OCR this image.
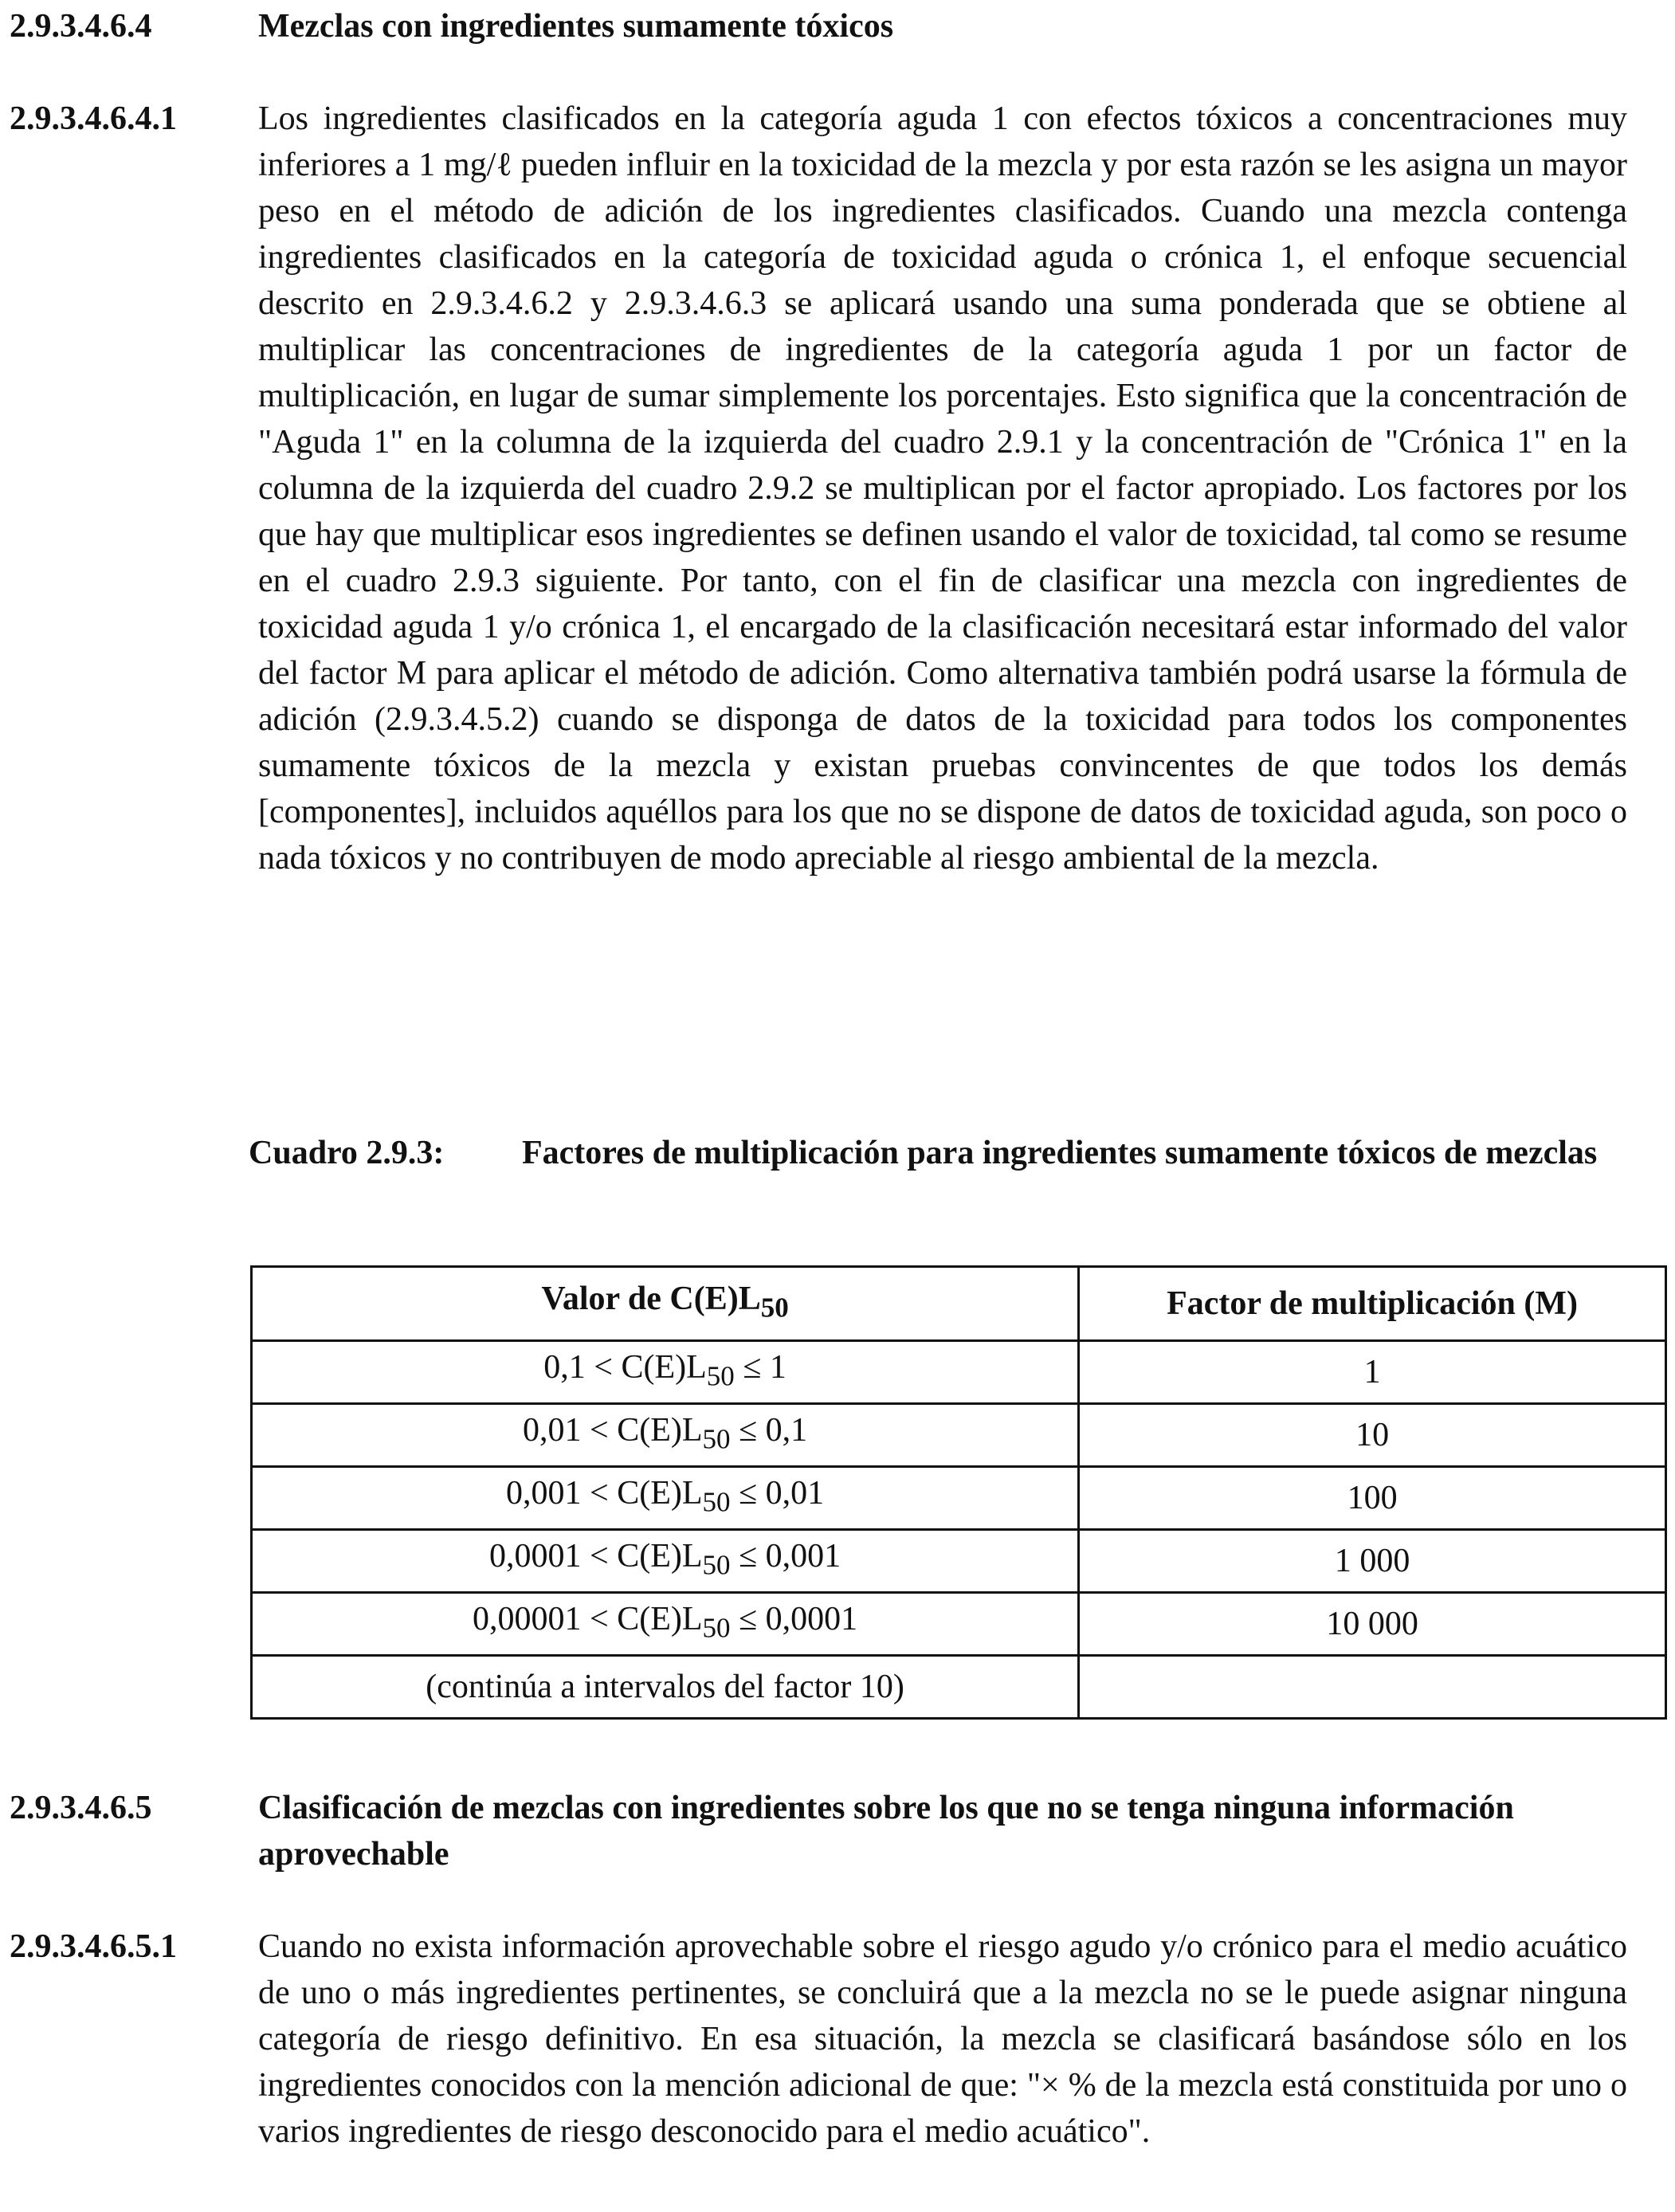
2.9.3.4.6.4	Mezclas con ingredientes sumamente tóxicos
2.9.3.4.6.4.1 Los ingredientes clasificados en la categoría aguda 1 con efectos tóxicos a concentraciones muy inferiores a 1 mg/ℓ pueden influir en la toxicidad de la mezcla y por esta razón se les asigna un mayor peso en el método de adición de los ingredientes clasificados. Cuando una mezcla contenga ingredientes clasificados en la categoría de toxicidad aguda o crónica 1, el enfoque secuencial descrito en 2.9.3.4.6.2 y 2.9.3.4.6.3 se aplicará usando una suma ponderada que se obtiene al multiplicar las concentraciones de ingredientes de la categoría aguda 1 por un factor de multiplicación, en lugar de sumar simplemente los porcentajes. Esto significa que la concentración de "Aguda 1" en la columna de la izquierda del cuadro 2.9.1 y la concentración de "Crónica 1" en la columna de la izquierda del cuadro 2.9.2 se multiplican por el factor apropiado. Los factores por los que hay que multiplicar esos ingredientes se definen usando el valor de toxicidad, tal como se resume en el cuadro 2.9.3 siguiente. Por tanto, con el fin de clasificar una mezcla con ingredientes de toxicidad aguda 1 y/o crónica 1, el encargado de la clasificación necesitará estar informado del valor del factor M para aplicar el método de adición. Como alternativa también podrá usarse la fórmula de adición (2.9.3.4.5.2) cuando se disponga de datos de la toxicidad para todos los componentes sumamente tóxicos de la mezcla y existan pruebas convincentes de que todos los demás [componentes], incluidos aquéllos para los que no se dispone de datos de toxicidad aguda, son poco o nada tóxicos y no contribuyen de modo apreciable al riesgo ambiental de la mezcla.
Cuadro 2.9.3: Factores de multiplicación para ingredientes sumamente tóxicos de mezclas
Valor de $C(E)L_{50}$	Factor de multiplicación (M)
$0,1 < C(E)L_{50} \le 1$	1
$0,01 < C(E)L_{50} \le 0,1$	10
$0,001 < C(E)L_{50} \le 0,01$	100
$0,0001 < C(E)L_{50} \le 0,001$	1 000
$0,00001 < C(E)L_{50} \le 0,0001$	10 000
(continúa a intervalos del factor 10)	
2.9.3.4.6.5	Clasificación de mezclas con ingredientes sobre los que no se tenga ninguna información aprovechable
2.9.3.4.6.5.1 Cuando no exista información aprovechable sobre el riesgo agudo y/o crónico para el medio acuático de uno o más ingredientes pertinentes, se concluirá que a la mezcla no se le puede asignar ninguna categoría de riesgo definitivo. En esa situación, la mezcla se clasificará basándose sólo en los ingredientes conocidos con la mención adicional de que: "× % de la mezcla está constituida por uno o varios ingredientes de riesgo desconocido para el medio acuático".
